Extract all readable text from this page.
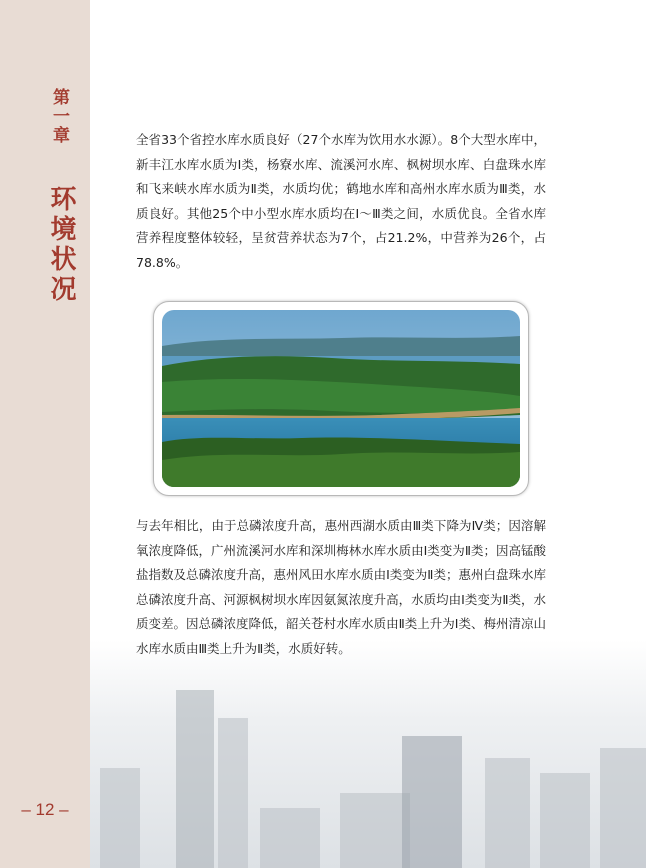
第一章
环境状况
– 12 –

全省33个省控水库水质良好（27个水库为饮用水水源）。8个大型水库中，新丰江水库水质为Ⅰ类，杨寮水库、流溪河水库、枫树坝水库、白盘珠水库和飞来峡水库水质为Ⅱ类，水质均优；鹤地水库和高州水库水质为Ⅲ类，水质良好。其他25个中小型水库水质均在Ⅰ～Ⅲ类之间，水质优良。全省水库营养程度整体较轻，呈贫营养状态为7个，占21.2%，中营养为26个，占78.8%。

与去年相比，由于总磷浓度升高，惠州西湖水质由Ⅲ类下降为Ⅳ类；因溶解氧浓度降低，广州流溪河水库和深圳梅林水库水质由Ⅰ类变为Ⅱ类；因高锰酸盐指数及总磷浓度升高，惠州风田水库水质由Ⅰ类变为Ⅱ类；惠州白盘珠水库总磷浓度升高、河源枫树坝水库因氨氮浓度升高，水质均由Ⅰ类变为Ⅱ类，水质变差。因总磷浓度降低，韶关苍村水库水质由Ⅱ类上升为Ⅰ类、梅州清凉山水库水质由Ⅲ类上升为Ⅱ类，水质好转。
